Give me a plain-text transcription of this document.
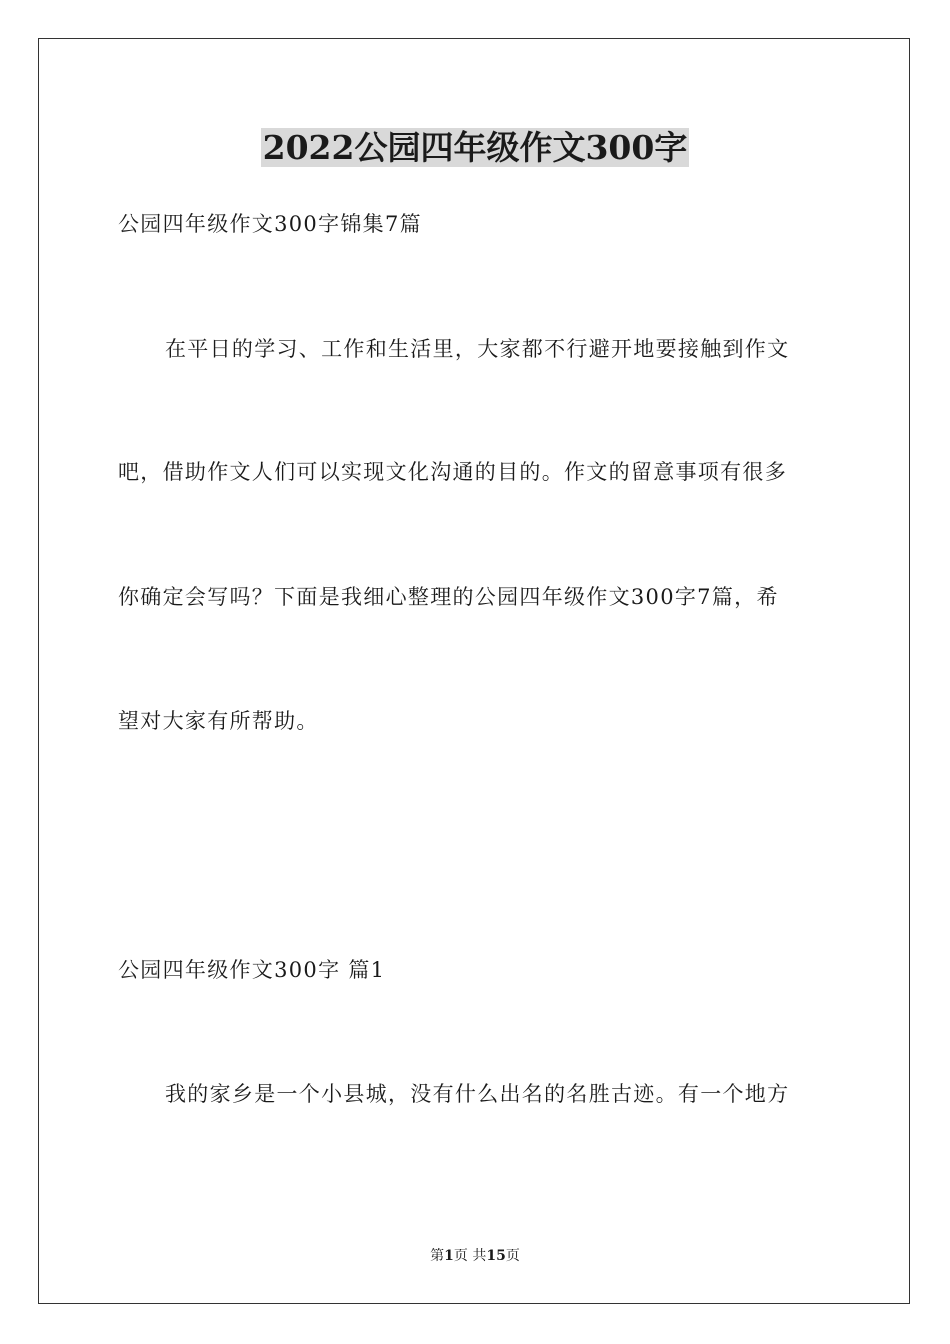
2022公园四年级作文300字
公园四年级作文300字锦集7篇
在平日的学习、工作和生活里，大家都不行避开地要接触到作文
吧，借助作文人们可以实现文化沟通的目的。作文的留意事项有很多
你确定会写吗？下面是我细心整理的公园四年级作文300字7篇，希
望对大家有所帮助。
公园四年级作文300字 篇1
我的家乡是一个小县城，没有什么出名的名胜古迹。有一个地方
第1页 共15页
